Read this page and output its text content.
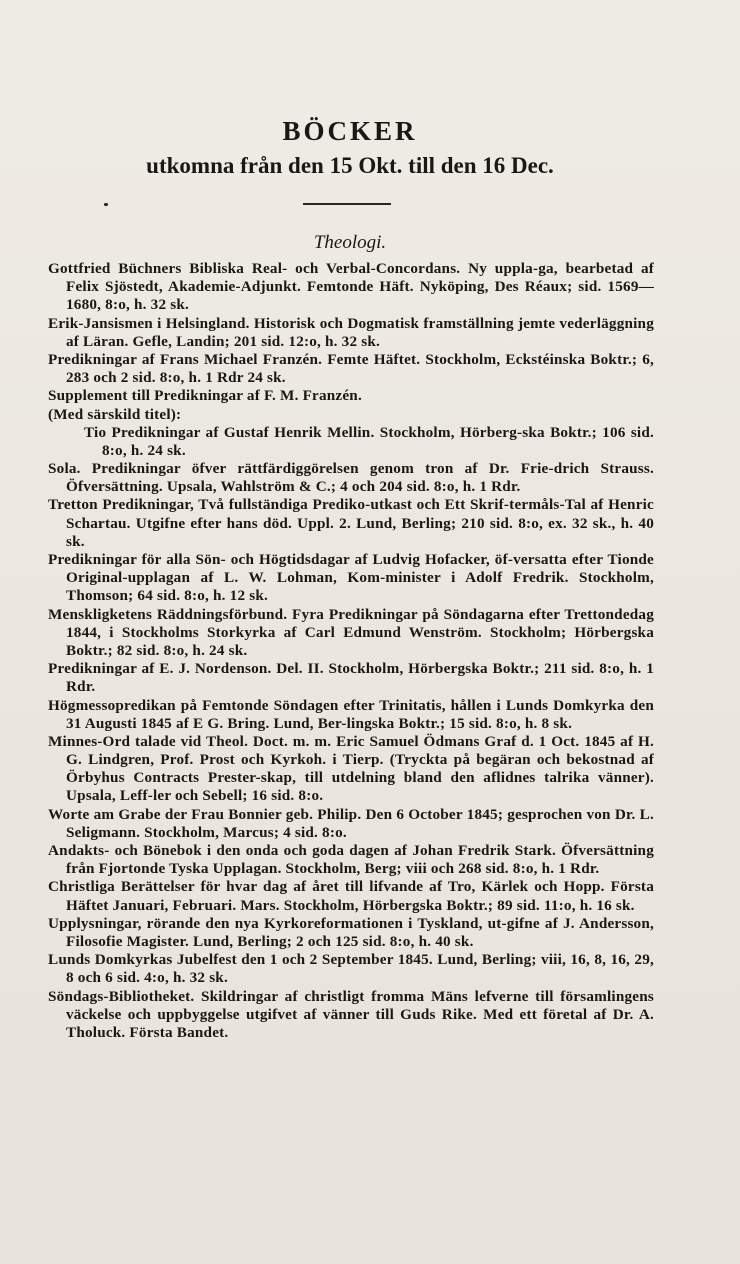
BÖCKER
utkomna från den 15 Okt. till den 16 Dec.
Theologi.

Gottfried Büchners Bibliska Real- och Verbal-Concordans. Ny uppla-ga, bearbetad af Felix Sjöstedt, Akademie-Adjunkt. Femtonde Häft. Nyköping, Des Réaux; sid. 1569—1680, 8:o, h. 32 sk.

Erik-Jansismen i Helsingland. Historisk och Dogmatisk framställning jemte vederläggning af Läran. Gefle, Landin; 201 sid. 12:o, h. 32 sk.

Predikningar af Frans Michael Franzén. Femte Häftet. Stockholm, Eckstéinska Boktr.; 6, 283 och 2 sid. 8:o, h. 1 Rdr 24 sk.

Supplement till Predikningar af F. M. Franzén.

(Med särskild titel):

Tio Predikningar af Gustaf Henrik Mellin. Stockholm, Hörberg-ska Boktr.; 106 sid. 8:o, h. 24 sk.

Sola. Predikningar öfver rättfärdiggörelsen genom tron af Dr. Frie-drich Strauss. Öfversättning. Upsala, Wahlström & C.; 4 och 204 sid. 8:o, h. 1 Rdr.

Tretton Predikningar, Två fullständiga Prediko-utkast och Ett Skrif-termåls-Tal af Henric Schartau. Utgifne efter hans död. Uppl. 2. Lund, Berling; 210 sid. 8:o, ex. 32 sk., h. 40 sk.

Predikningar för alla Sön- och Högtidsdagar af Ludvig Hofacker, öf-versatta efter Tionde Original-upplagan af L. W. Lohman, Kom-minister i Adolf Fredrik. Stockholm, Thomson; 64 sid. 8:o, h. 12 sk.

Menskligketens Räddningsförbund. Fyra Predikningar på Söndagarna efter Trettondedag 1844, i Stockholms Storkyrka af Carl Edmund Wenström. Stockholm; Hörbergska Boktr.; 82 sid. 8:o, h. 24 sk.

Predikningar af E. J. Nordenson. Del. II. Stockholm, Hörbergska Boktr.; 211 sid. 8:o, h. 1 Rdr.

Högmessopredikan på Femtonde Söndagen efter Trinitatis, hållen i Lunds Domkyrka den 31 Augusti 1845 af E G. Bring. Lund, Ber-lingska Boktr.; 15 sid. 8:o, h. 8 sk.

Minnes-Ord talade vid Theol. Doct. m. m. Eric Samuel Ödmans Graf d. 1 Oct. 1845 af H. G. Lindgren, Prof. Prost och Kyrkoh. i Tierp. (Tryckta på begäran och bekostnad af Örbyhus Contracts Prester-skap, till utdelning bland den aflidnes talrika vänner). Upsala, Leff-ler och Sebell; 16 sid. 8:o.

Worte am Grabe der Frau Bonnier geb. Philip. Den 6 October 1845; gesprochen von Dr. L. Seligmann. Stockholm, Marcus; 4 sid. 8:o.

Andakts- och Bönebok i den onda och goda dagen af Johan Fredrik Stark. Öfversättning från Fjortonde Tyska Upplagan. Stockholm, Berg; viii och 268 sid. 8:o, h. 1 Rdr.

Christliga Berättelser för hvar dag af året till lifvande af Tro, Kärlek och Hopp. Första Häftet Januari, Februari. Mars. Stockholm, Hörbergska Boktr.; 89 sid. 11:o, h. 16 sk.

Upplysningar, rörande den nya Kyrkoreformationen i Tyskland, ut-gifne af J. Andersson, Filosofie Magister. Lund, Berling; 2 och 125 sid. 8:o, h. 40 sk.

Lunds Domkyrkas Jubelfest den 1 och 2 September 1845. Lund, Berling; viii, 16, 8, 16, 29, 8 och 6 sid. 4:o, h. 32 sk.

Söndags-Bibliotheket. Skildringar af christligt fromma Mäns lefverne till församlingens väckelse och uppbyggelse utgifvet af vänner till Guds Rike. Med ett företal af Dr. A. Tholuck. Första Bandet.
